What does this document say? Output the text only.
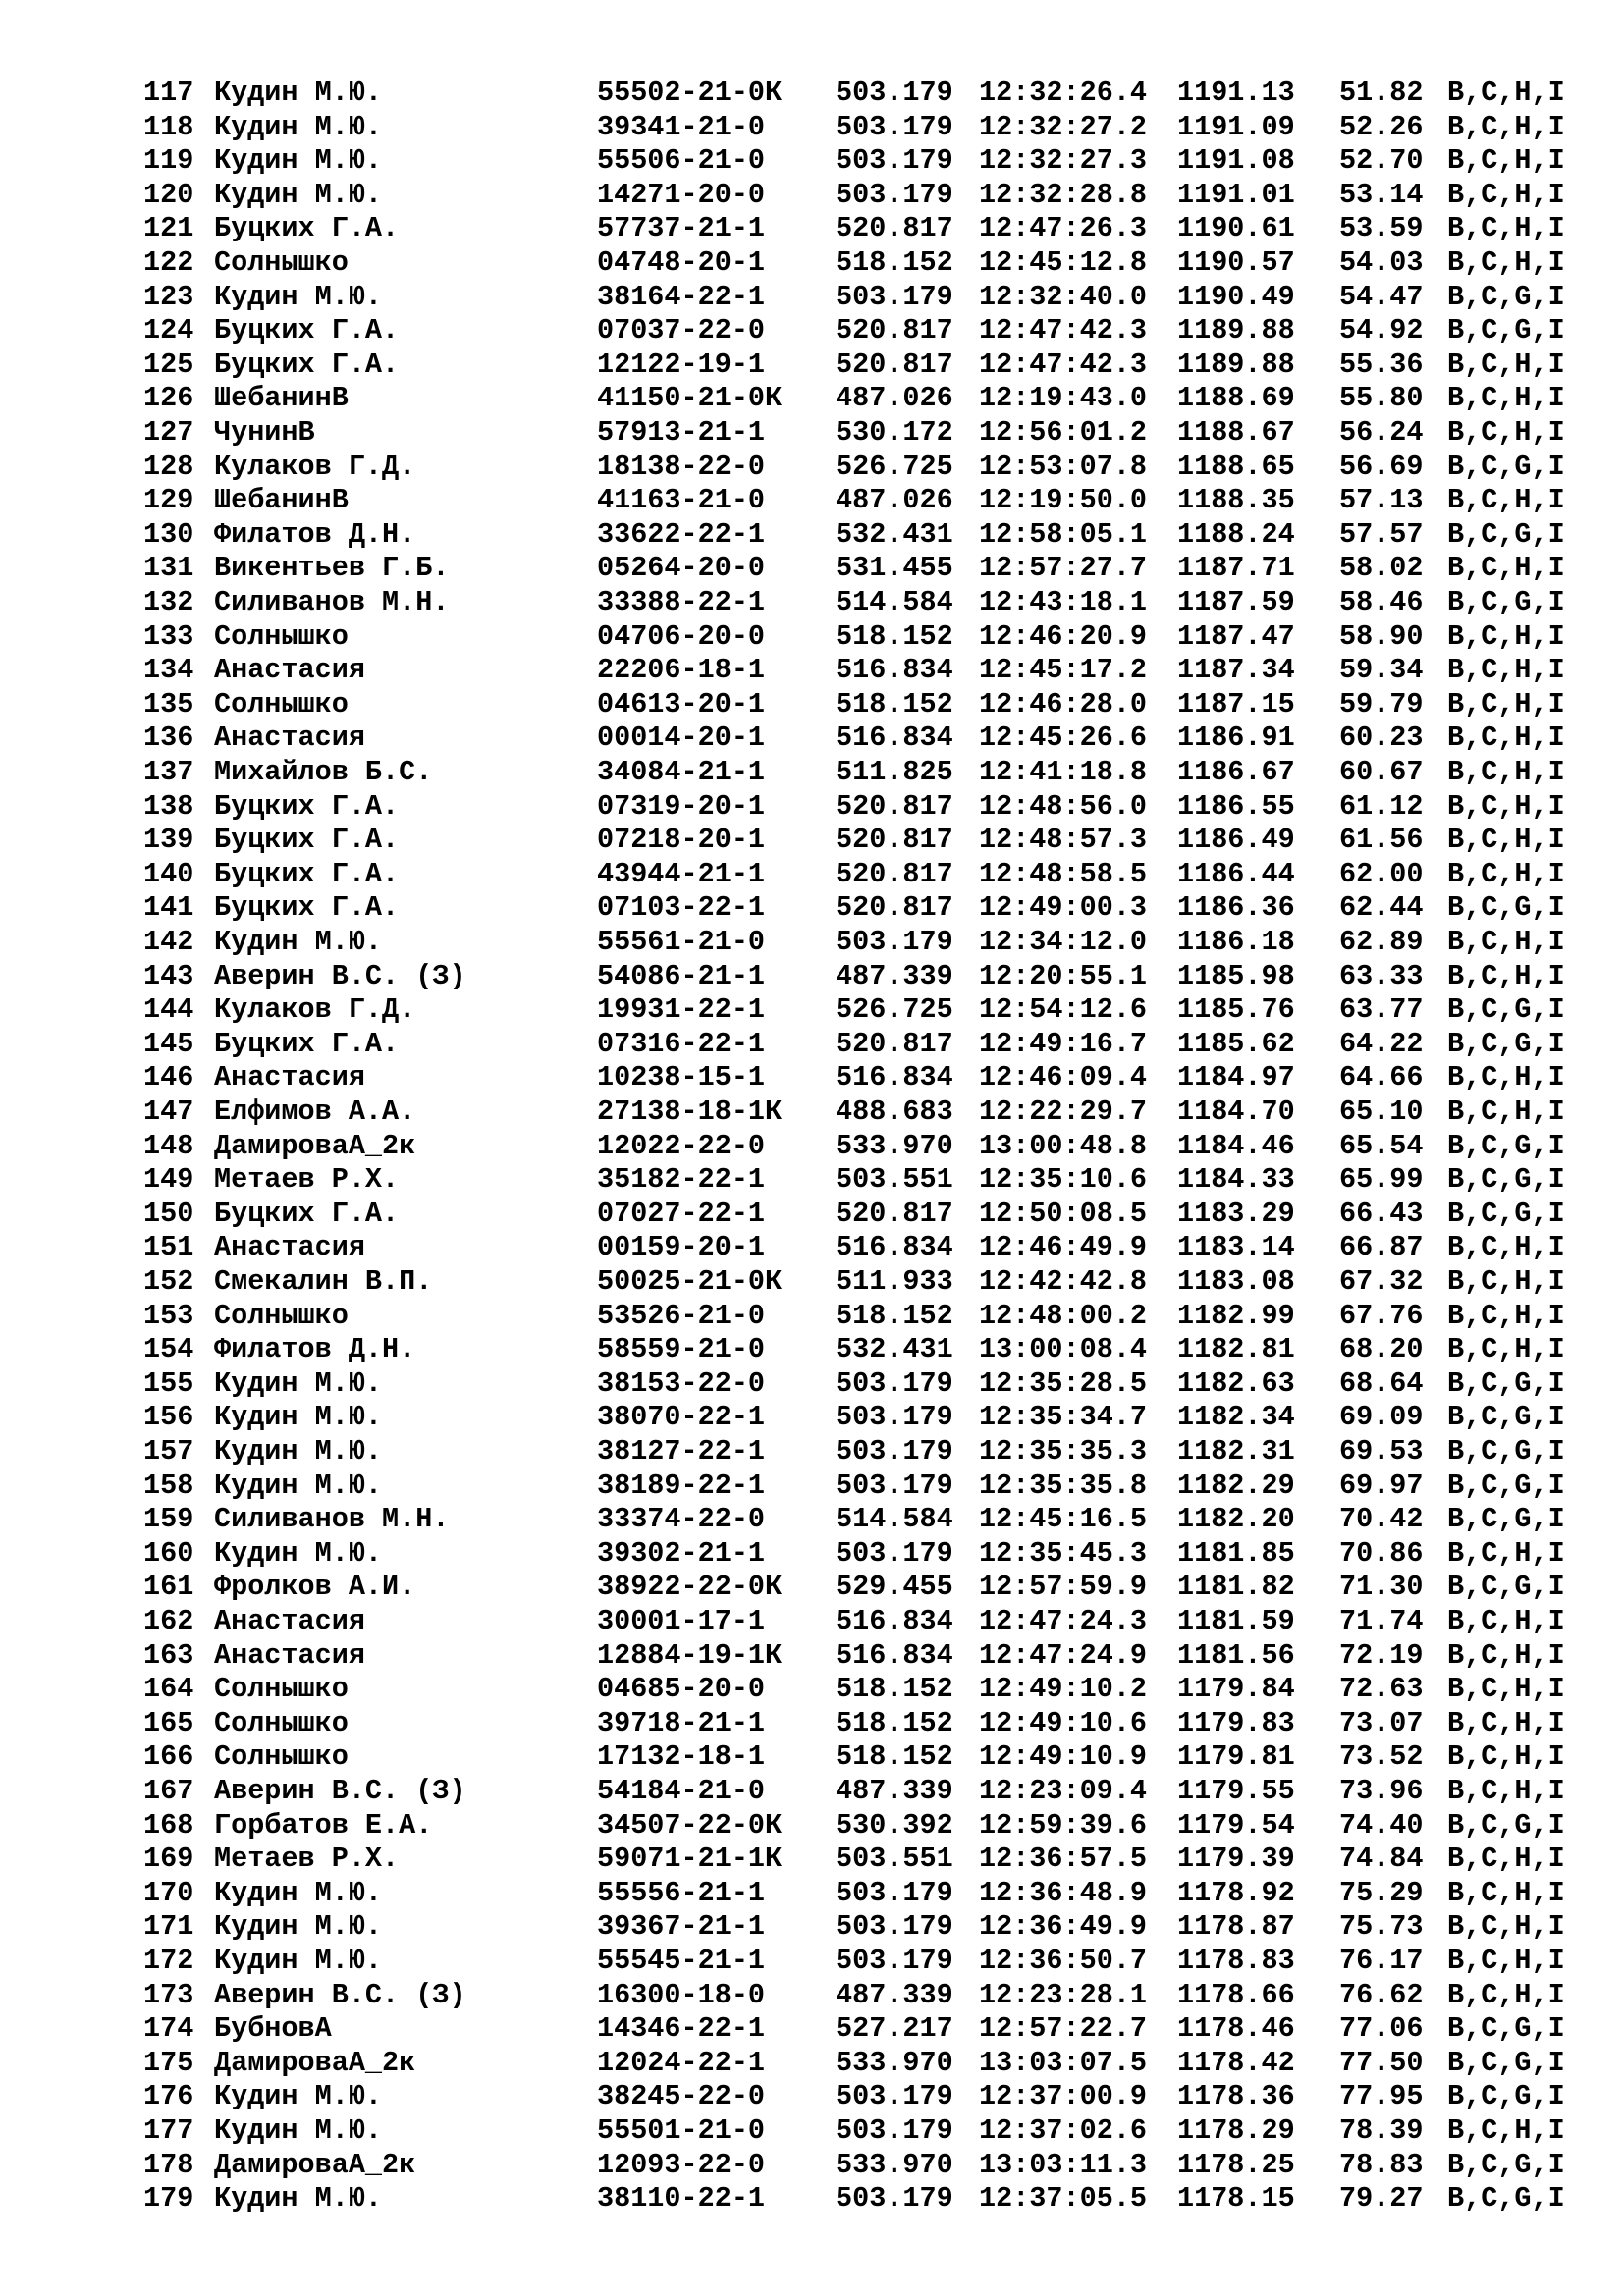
117 Кудин М.Ю.	55502-21-0К 503.179 12:32:26.4 1191.13 51.82 B,C,H,I
118 Кудин М.Ю.	39341-21-0	503.179 12:32:27.2 1191.09 52.26 B,C,H,I
119 Кудин М.Ю.	55506-21-0	503.179 12:32:27.3 1191.08 52.70 B,C,H,I
120 Кудин М.Ю.	14271-20-0	503.179 12:32:28.8 1191.01 53.14 B,C,H,I
121 Буцких Г.А.	57737-21-1	520.817 12:47:26.3 1190.61 53.59 B,C,H,I
122 Солнышко	04748-20-1	518.152 12:45:12.8 1190.57 54.03 B,C,H,I
123 Кудин М.Ю.	38164-22-1	503.179 12:32:40.0 1190.49 54.47 B,C,G,I
124 Буцких Г.А.	07037-22-0	520.817 12:47:42.3 1189.88 54.92 B,C,G,I
125 Буцких Г.А.	12122-19-1	520.817 12:47:42.3 1189.88 55.36 B,C,H,I
126 ШебанинВ	41150-21-0К 487.026 12:19:43.0 1188.69 55.80 B,C,H,I
127 ЧунинВ	57913-21-1	530.172 12:56:01.2 1188.67 56.24 B,C,H,I
128 Кулаков Г.Д.	18138-22-0	526.725 12:53:07.8 1188.65 56.69 B,C,G,I
129 ШебанинВ	41163-21-0	487.026 12:19:50.0 1188.35 57.13 B,C,H,I
130 Филатов Д.Н.	33622-22-1	532.431 12:58:05.1 1188.24 57.57 B,C,G,I
131 Викентьев Г.Б.	05264-20-0	531.455 12:57:27.7 1187.71 58.02 B,C,H,I
132 Силиванов М.Н.	33388-22-1	514.584 12:43:18.1 1187.59 58.46 B,C,G,I
133 Солнышко	04706-20-0	518.152 12:46:20.9 1187.47 58.90 B,C,H,I
134 Анастасия	22206-18-1	516.834 12:45:17.2 1187.34 59.34 B,C,H,I
135 Солнышко	04613-20-1	518.152 12:46:28.0 1187.15 59.79 B,C,H,I
136 Анастасия	00014-20-1	516.834 12:45:26.6 1186.91 60.23 B,C,H,I
137 Михайлов Б.С.	34084-21-1	511.825 12:41:18.8 1186.67 60.67 B,C,H,I
138 Буцких Г.А.	07319-20-1	520.817 12:48:56.0 1186.55 61.12 B,C,H,I
139 Буцких Г.А.	07218-20-1	520.817 12:48:57.3 1186.49 61.56 B,C,H,I
140 Буцких Г.А.	43944-21-1	520.817 12:48:58.5 1186.44 62.00 B,C,H,I
141 Буцких Г.А.	07103-22-1	520.817 12:49:00.3 1186.36 62.44 B,C,G,I
142 Кудин М.Ю.	55561-21-0	503.179 12:34:12.0 1186.18 62.89 B,C,H,I
143 Аверин В.С. (З)	54086-21-1	487.339 12:20:55.1 1185.98 63.33 B,C,H,I
144 Кулаков Г.Д.	19931-22-1	526.725 12:54:12.6 1185.76 63.77 B,C,G,I
145 Буцких Г.А.	07316-22-1	520.817 12:49:16.7 1185.62 64.22 B,C,G,I
146 Анастасия	10238-15-1	516.834 12:46:09.4 1184.97 64.66 B,C,H,I
147 Елфимов А.А.	27138-18-1К 488.683 12:22:29.7 1184.70 65.10 B,C,H,I
148 ДамироваА_2к	12022-22-0	533.970 13:00:48.8 1184.46 65.54 B,C,G,I
149 Метаев Р.Х.	35182-22-1	503.551 12:35:10.6 1184.33 65.99 B,C,G,I
150 Буцких Г.А.	07027-22-1	520.817 12:50:08.5 1183.29 66.43 B,C,G,I
151 Анастасия	00159-20-1	516.834 12:46:49.9 1183.14 66.87 B,C,H,I
152 Смекалин В.П.	50025-21-0К 511.933 12:42:42.8 1183.08 67.32 B,C,H,I
153 Солнышко	53526-21-0	518.152 12:48:00.2 1182.99 67.76 B,C,H,I
154 Филатов Д.Н.	58559-21-0	532.431 13:00:08.4 1182.81 68.20 B,C,H,I
155 Кудин М.Ю.	38153-22-0	503.179 12:35:28.5 1182.63 68.64 B,C,G,I
156 Кудин М.Ю.	38070-22-1	503.179 12:35:34.7 1182.34 69.09 B,C,G,I
157 Кудин М.Ю.	38127-22-1	503.179 12:35:35.3 1182.31 69.53 B,C,G,I
158 Кудин М.Ю.	38189-22-1	503.179 12:35:35.8 1182.29 69.97 B,C,G,I
159 Силиванов М.Н.	33374-22-0	514.584 12:45:16.5 1182.20 70.42 B,C,G,I
160 Кудин М.Ю.	39302-21-1	503.179 12:35:45.3 1181.85 70.86 B,C,H,I
161 Фролков А.И.	38922-22-0К 529.455 12:57:59.9 1181.82 71.30 B,C,G,I
162 Анастасия	30001-17-1	516.834 12:47:24.3 1181.59 71.74 B,C,H,I
163 Анастасия	12884-19-1К 516.834 12:47:24.9 1181.56 72.19 B,C,H,I
164 Солнышко	04685-20-0	518.152 12:49:10.2 1179.84 72.63 B,C,H,I
165 Солнышко	39718-21-1	518.152 12:49:10.6 1179.83 73.07 B,C,H,I
166 Солнышко	17132-18-1	518.152 12:49:10.9 1179.81 73.52 B,C,H,I
167 Аверин В.С. (З)	54184-21-0	487.339 12:23:09.4 1179.55 73.96 B,C,H,I
168 Горбатов Е.А.	34507-22-0К 530.392 12:59:39.6 1179.54 74.40 B,C,G,I
169 Метаев Р.Х.	59071-21-1К 503.551 12:36:57.5 1179.39 74.84 B,C,H,I
170 Кудин М.Ю.	55556-21-1	503.179 12:36:48.9 1178.92 75.29 B,C,H,I
171 Кудин М.Ю.	39367-21-1	503.179 12:36:49.9 1178.87 75.73 B,C,H,I
172 Кудин М.Ю.	55545-21-1	503.179 12:36:50.7 1178.83 76.17 B,C,H,I
173 Аверин В.С. (З)	16300-18-0	487.339 12:23:28.1 1178.66 76.62 B,C,H,I
174 БубновА	14346-22-1	527.217 12:57:22.7 1178.46 77.06 B,C,G,I
175 ДамироваА_2к	12024-22-1	533.970 13:03:07.5 1178.42 77.50 B,C,G,I
176 Кудин М.Ю.	38245-22-0	503.179 12:37:00.9 1178.36 77.95 B,C,G,I
177 Кудин М.Ю.	55501-21-0	503.179 12:37:02.6 1178.29 78.39 B,C,H,I
178 ДамироваА_2к	12093-22-0	533.970 13:03:11.3 1178.25 78.83 B,C,G,I
179 Кудин М.Ю.	38110-22-1	503.179 12:37:05.5 1178.15 79.27 B,C,G,I
